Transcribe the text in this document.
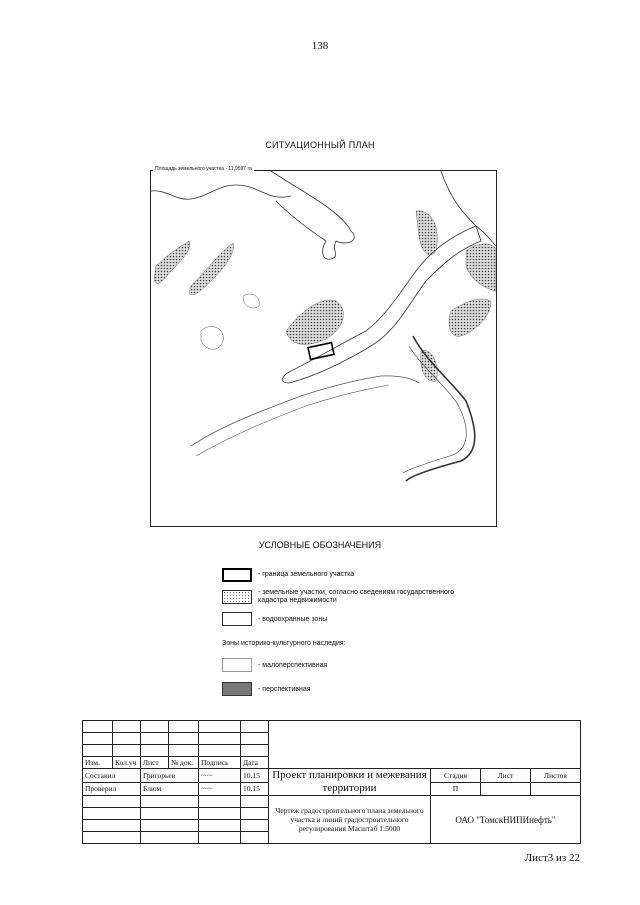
138
СИТУАЦИОННЫЙ ПЛАН
Площадь земельного участка - 11,9597 га
УСЛОВНЫЕ ОБОЗНАЧЕНИЯ
- граница земельного участка
- земельные участки, согласно сведениям государственного кадастра недвижимости
- водоохранные зоны
Зоны историко-культурного наследия:
- малоперспективная
- перспективная

Изм.	Кол.уч	Лист	№ док.	Подпись	Дата				
Составил		Григорьев		~~~	10.15	Проект планировки и межевания территории	Стадия	Лист	Листов
Проверил		Блюм		~~~	10.15		П		
						Чертеж градостроительного плана земельного участка и линий градостроительного регулирования Масштаб 1:5000	ОАО "ТомскНИПИнефть"		

Лист3 из 22
